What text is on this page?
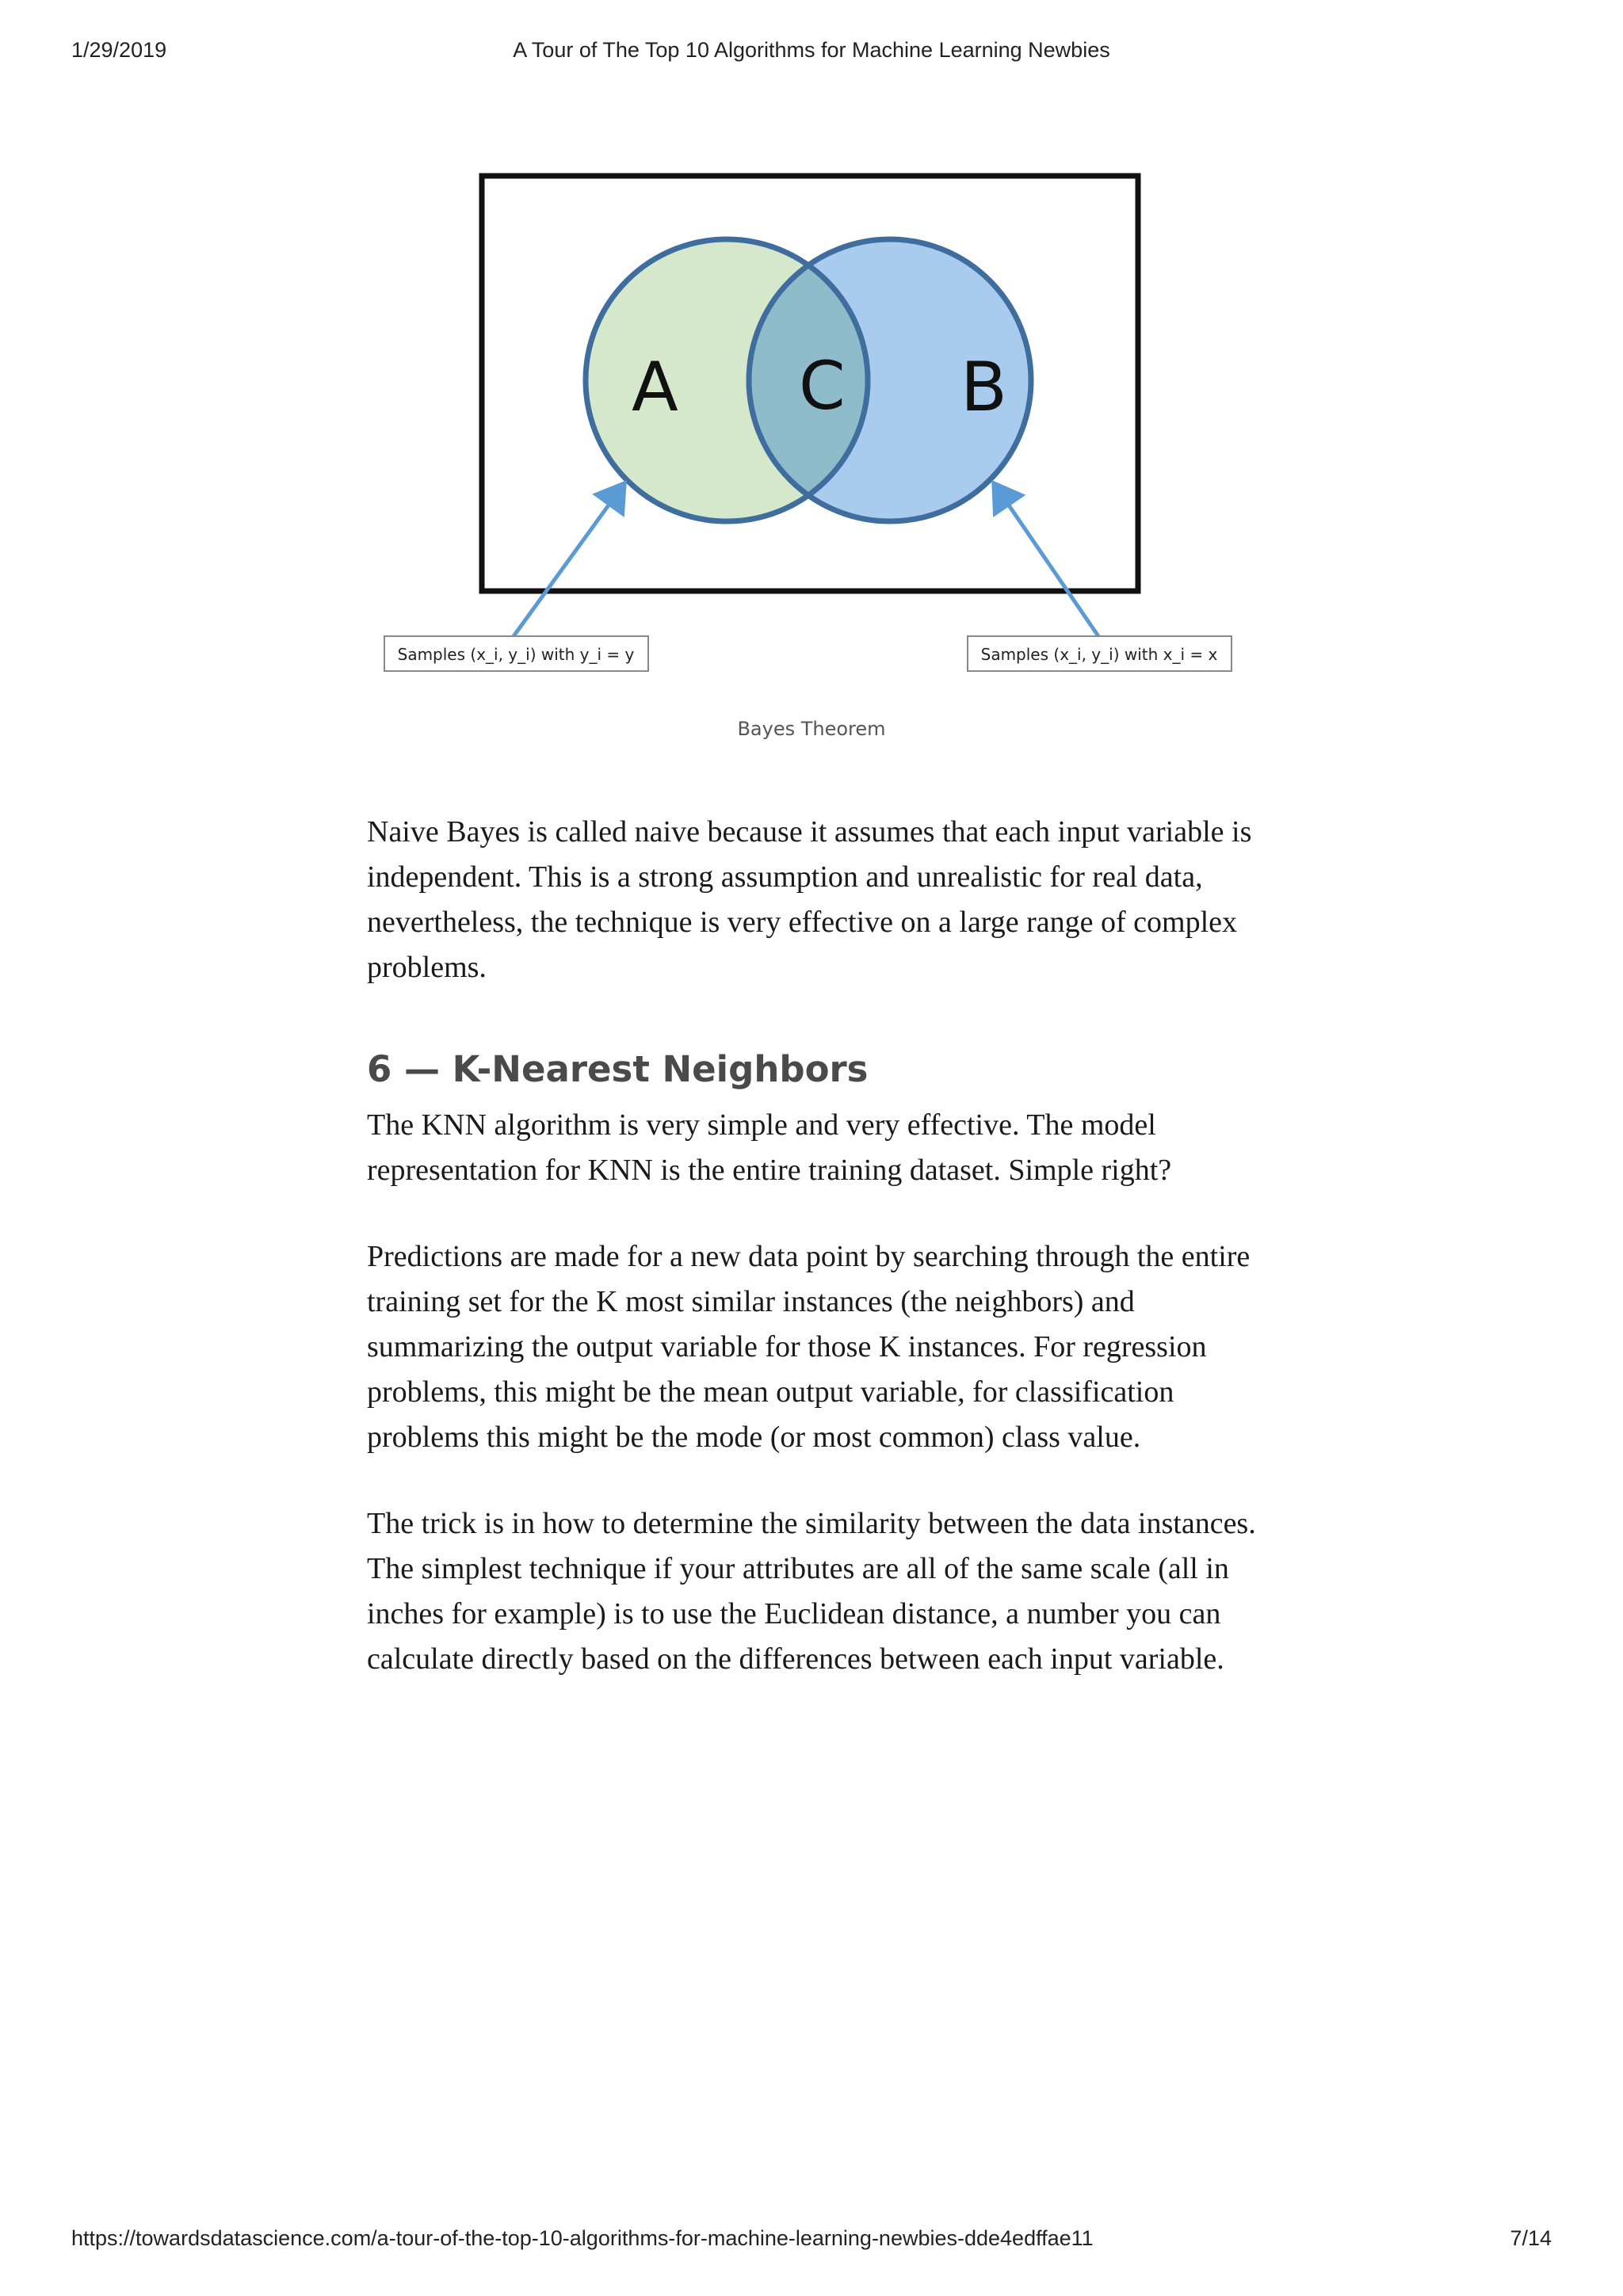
1/29/2019	A Tour of The Top 10 Algorithms for Machine Learning Newbies
A C B
Samples (x_i, y_i) with y_i = y	Samples (x_i, y_i) with x_i = x
Bayes Theorem

Naive Bayes is called naive because it assumes that each input variable is independent. This is a strong assumption and unrealistic for real data, nevertheless, the technique is very effective on a large range of complex problems.

6 — K-Nearest Neighbors

The KNN algorithm is very simple and very effective. The model representation for KNN is the entire training dataset. Simple right?

Predictions are made for a new data point by searching through the entire training set for the K most similar instances (the neighbors) and summarizing the output variable for those K instances. For regression problems, this might be the mean output variable, for classification problems this might be the mode (or most common) class value.

The trick is in how to determine the similarity between the data instances. The simplest technique if your attributes are all of the same scale (all in inches for example) is to use the Euclidean distance, a number you can calculate directly based on the differences between each input variable.

https://towardsdatascience.com/a-tour-of-the-top-10-algorithms-for-machine-learning-newbies-dde4edffae11	7/14
